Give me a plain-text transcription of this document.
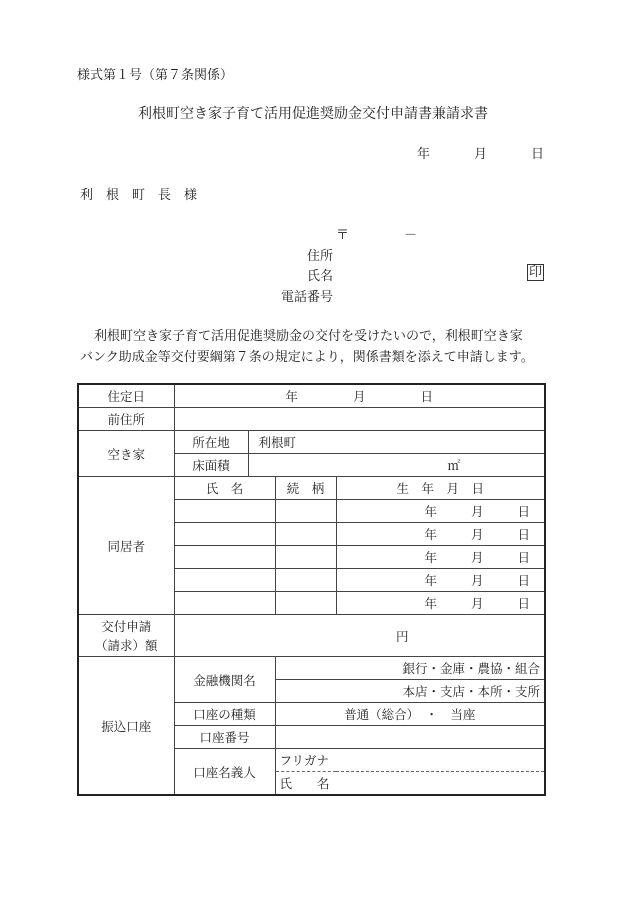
様式第１号（第７条関係）
利根町空き家子育て活用促進奨励金交付申請書兼請求書
年	月	日
利　根　町　長　様
〒	－
住所
氏名	印
電話番号
利根町空き家子育て活用促進奨励金の交付を受けたいので，利根町空き家
バンク助成金等交付要綱第７条の規定により，関係書類を添えて申請します。
住定日	年 月 日			

前住所				
空き家	所在地	利根町		
	床面積	㎡		
同居者	氏　名		続　柄	生　年　月　日

				年 月 日

				年 月 日

				年 月 日

				年 月 日

				年 月 日

交付申請
（請求）額	円			
振込口座	金融機関名		銀行・金庫・農協・組合	
			本店・支店・本所・支所	
	口座の種類		普通（総合）　・　当座	
	口座番号			
	口座名義人		フリガナ	
			氏　　名	
